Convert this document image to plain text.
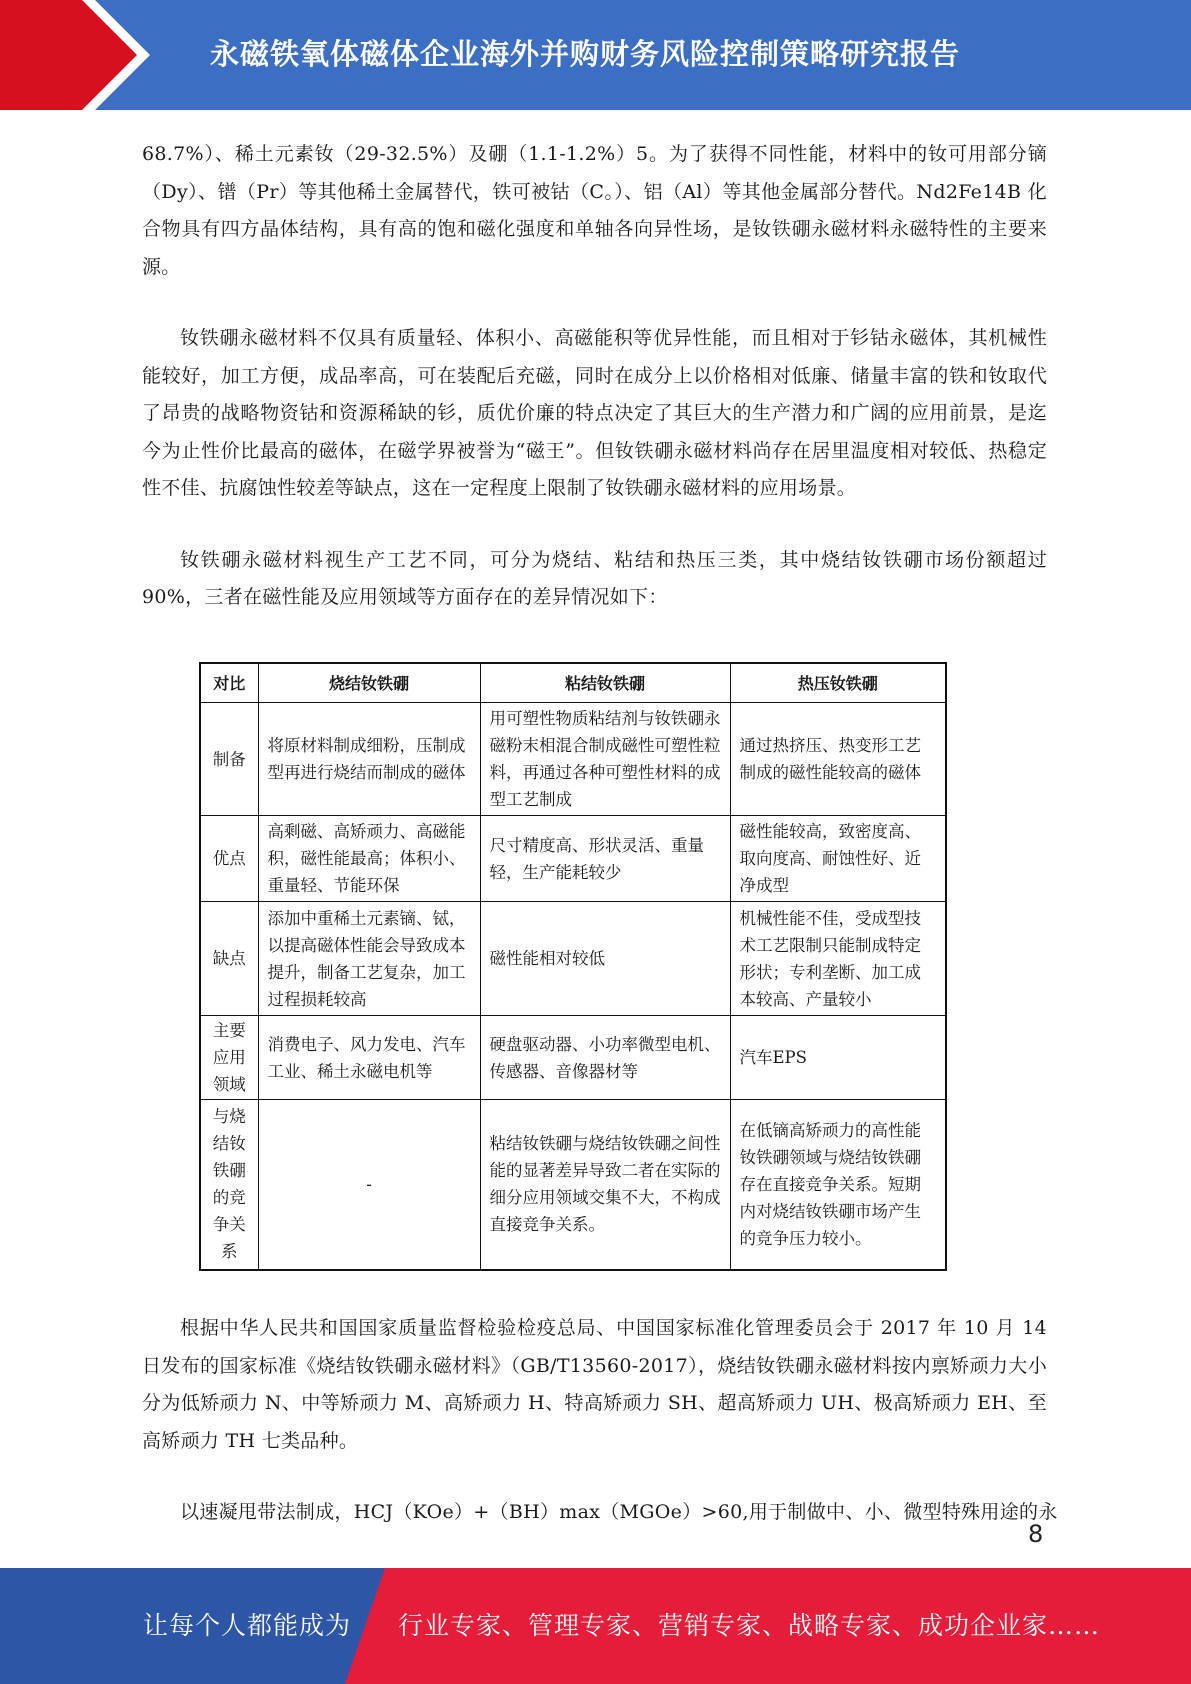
永磁铁氧体磁体企业海外并购财务风险控制策略研究报告

68.7%）、稀土元素钕（29-32.5%）及硼（1.1-1.2%）5。为了获得不同性能，材料中的钕可用部分镝（Dy）、镨（Pr）等其他稀土金属替代，铁可被钴（C。）、铝（Al）等其他金属部分替代。Nd2Fe14B 化合物具有四方晶体结构，具有高的饱和磁化强度和单轴各向异性场，是钕铁硼永磁材料永磁特性的主要来源。

钕铁硼永磁材料不仅具有质量轻、体积小、高磁能积等优异性能，而且相对于钐钴永磁体，其机械性能较好，加工方便，成品率高，可在装配后充磁，同时在成分上以价格相对低廉、储量丰富的铁和钕取代了昂贵的战略物资钴和资源稀缺的钐，质优价廉的特点决定了其巨大的生产潜力和广阔的应用前景，是迄今为止性价比最高的磁体，在磁学界被誉为“磁王”。但钕铁硼永磁材料尚存在居里温度相对较低、热稳定性不佳、抗腐蚀性较差等缺点，这在一定程度上限制了钕铁硼永磁材料的应用场景。

钕铁硼永磁材料视生产工艺不同，可分为烧结、粘结和热压三类，其中烧结钕铁硼市场份额超过 90%，三者在磁性能及应用领域等方面存在的差异情况如下：

对比	烧结钕铁硼	粘结钕铁硼	热压钕铁硼
制备	将原材料制成细粉，压制成型再进行烧结而制成的磁体	用可塑性物质粘结剂与钕铁硼永磁粉末相混合制成磁性可塑性粒料，再通过各种可塑性材料的成型工艺制成	通过热挤压、热变形工艺制成的磁性能较高的磁体
优点	高剩磁、高矫顽力、高磁能积，磁性能最高；体积小、重量轻、节能环保	尺寸精度高、形状灵活、重量轻，生产能耗较少	磁性能较高，致密度高、取向度高、耐蚀性好、近净成型
缺点	添加中重稀土元素镝、铽，以提高磁体性能会导致成本提升，制备工艺复杂，加工过程损耗较高	磁性能相对较低	机械性能不佳，受成型技术工艺限制只能制成特定形状；专利垄断、加工成本较高、产量较小
主要应用领域	消费电子、风力发电、汽车工业、稀土永磁电机等	硬盘驱动器、小功率微型电机、传感器、音像器材等	汽车EPS
与烧结钕铁硼的竞争关系	-	粘结钕铁硼与烧结钕铁硼之间性能的显著差异导致二者在实际的细分应用领域交集不大，不构成直接竞争关系。	在低镝高矫顽力的高性能钕铁硼领域与烧结钕铁硼存在直接竞争关系。短期内对烧结钕铁硼市场产生的竞争压力较小。

根据中华人民共和国国家质量监督检验检疫总局、中国国家标准化管理委员会于 2017 年 10 月 14 日发布的国家标准《烧结钕铁硼永磁材料》（GB/T13560-2017），烧结钕铁硼永磁材料按内禀矫顽力大小分为低矫顽力 N、中等矫顽力 M、高矫顽力 H、特高矫顽力 SH、超高矫顽力 UH、极高矫顽力 EH、至高矫顽力 TH 七类品种。

以速凝甩带法制成，HCJ（KOe）+（BH）max（MGOe）>60,用于制做中、小、微型特殊用途的永

8
让每个人都能成为 行业专家、管理专家、营销专家、战略专家、成功企业家……
